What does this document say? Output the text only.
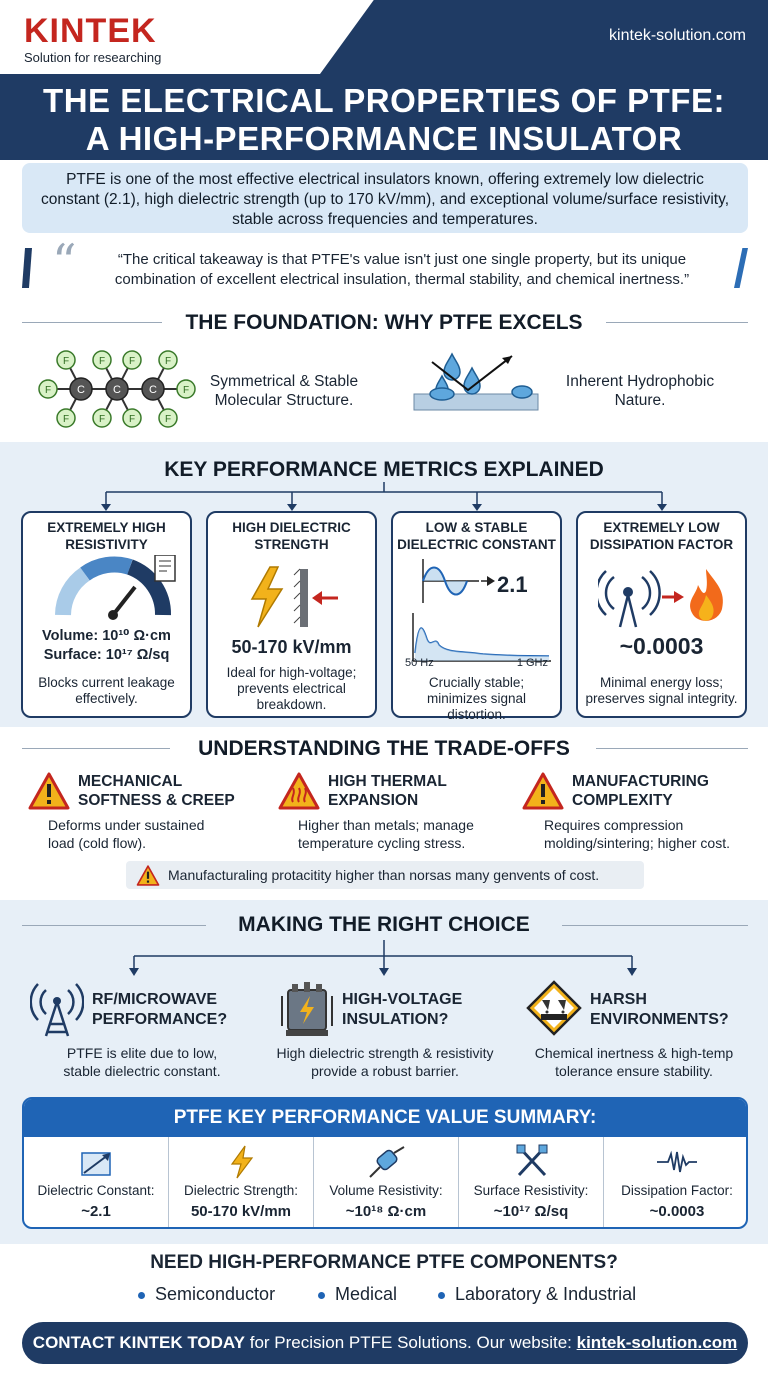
KINTEK
Solution for researching
kintek-solution.com
THE ELECTRICAL PROPERTIES OF PTFE:
A HIGH-PERFORMANCE INSULATOR
PTFE is one of the most effective electrical insulators known, offering extremely low dielectric constant (2.1), high dielectric strength (up to 170 kV/mm), and exceptional volume/surface resistivity, stable across frequencies and temperatures.
“	“The critical takeaway is that PTFE's value isn't just one single property, but its unique combination of excellent electrical insulation, thermal stability, and chemical inertness.”
THE FOUNDATION: WHY PTFE EXCELS
F
F
F
F
F
F
F
F
F
F
C	C	C	Symmetrical & Stable Molecular Structure.
Inherent Hydrophobic Nature.
KEY PERFORMANCE METRICS EXPLAINED
EXTREMELY HIGH RESISTIVITY
Volume: 10¹⁰ Ω·cm
Surface: 10¹⁷ Ω/sq
Blocks current leakage effectively.
HIGH DIELECTRIC STRENGTH
50-170 kV/mm
Ideal for high-voltage; prevents electrical breakdown.
LOW & STABLE DIELECTRIC CONSTANT
2.1
50 Hz	1 GHz
Crucially stable; minimizes signal distortion.
EXTREMELY LOW DISSIPATION FACTOR
~0.0003
Minimal energy loss; preserves signal integrity.
UNDERSTANDING THE TRADE-OFFS
MECHANICAL
SOFTNESS & CREEP
Deforms under sustained
load (cold flow).
HIGH THERMAL
EXPANSION
Higher than metals; manage
temperature cycling stress.
MANUFACTURING
COMPLEXITY
Requires compression
molding/sintering; higher cost.
Manufacturaling protacitity higher than norsas many genvents of cost.
MAKING THE RIGHT CHOICE
RF/MICROWAVE
PERFORMANCE?
PTFE is elite due to low,
stable dielectric constant.
HIGH-VOLTAGE
INSULATION?
High dielectric strength & resistivity
provide a robust barrier.
HARSH
ENVIRONMENTS?
Chemical inertness & high-temp
tolerance ensure stability.
PTFE KEY PERFORMANCE VALUE SUMMARY:
Dielectric Constant:
~2.1
Dielectric Strength:
50-170 kV/mm
Volume Resistivity:
~10¹⁸ Ω·cm
Surface Resistivity:
~10¹⁷ Ω/sq
Dissipation Factor:
~0.0003
NEED HIGH-PERFORMANCE PTFE COMPONENTS?
Semiconductor	Medical	Laboratory & Industrial
CONTACT KINTEK TODAY for Precision PTFE Solutions. Our website: kintek-solution.com
